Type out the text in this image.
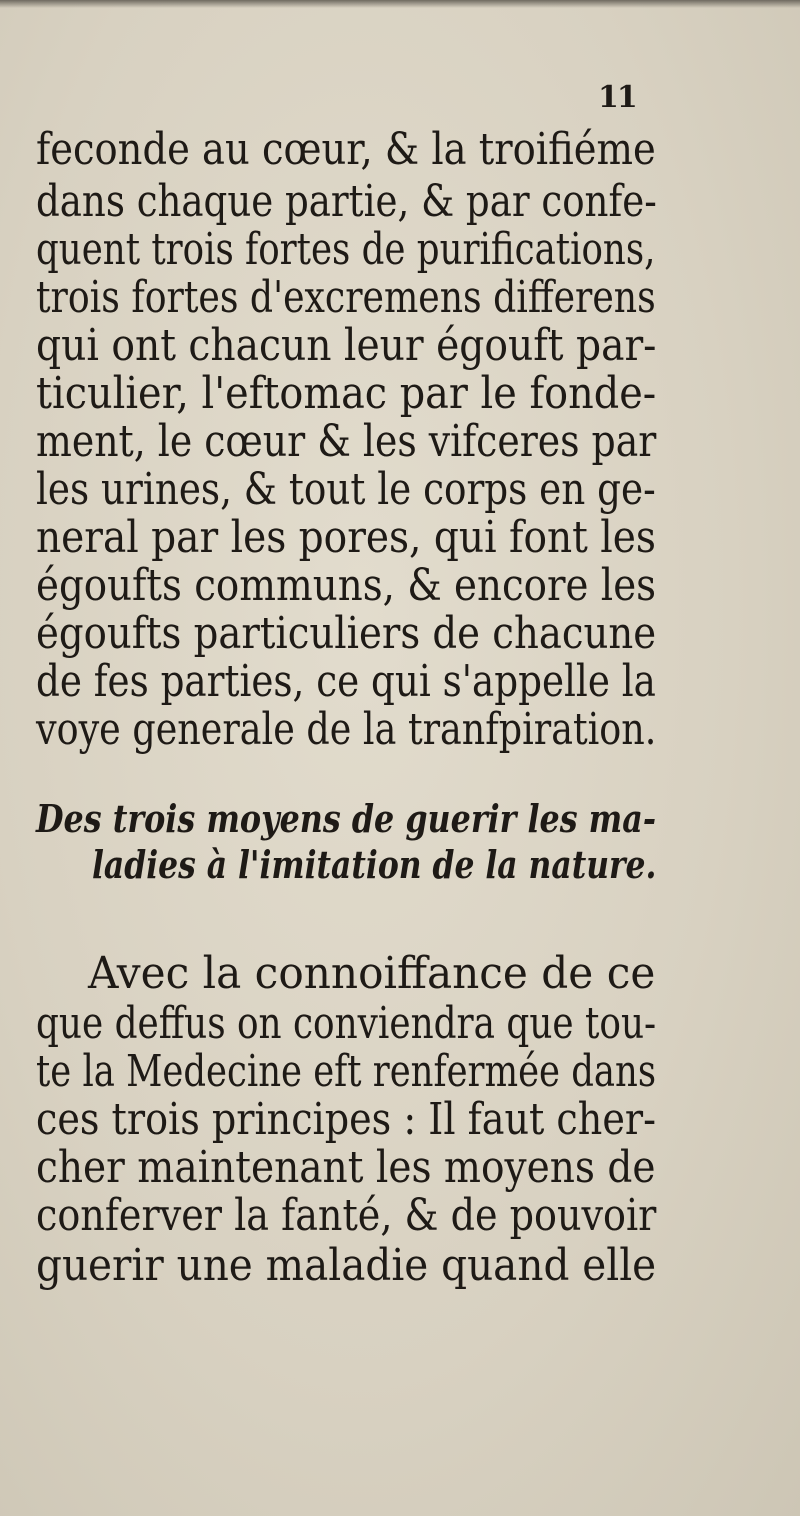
11
feconde au cœur, & la troifiéme
dans chaque partie, & par confe-
quent trois fortes de purifications,
trois fortes d'excremens differens
qui ont chacun leur égouft par-
ticulier, l'eftomac par le fonde-
ment, le cœur & les vifceres par
les urines, & tout le corps en ge-
neral par les pores, qui font les
égoufts communs, & encore les
égoufts particuliers de chacune
de fes parties, ce qui s'appelle la
voye generale de la tranfpiration.
Des trois moyens de guerir les ma-
ladies à l'imitation de la nature.
Avec la connoiffance de ce
que deffus on conviendra que tou-
te la Medecine eft renfermée dans
ces trois principes : Il faut cher-
cher maintenant les moyens de
conferver la fanté, & de pouvoir
guerir une maladie quand elle
